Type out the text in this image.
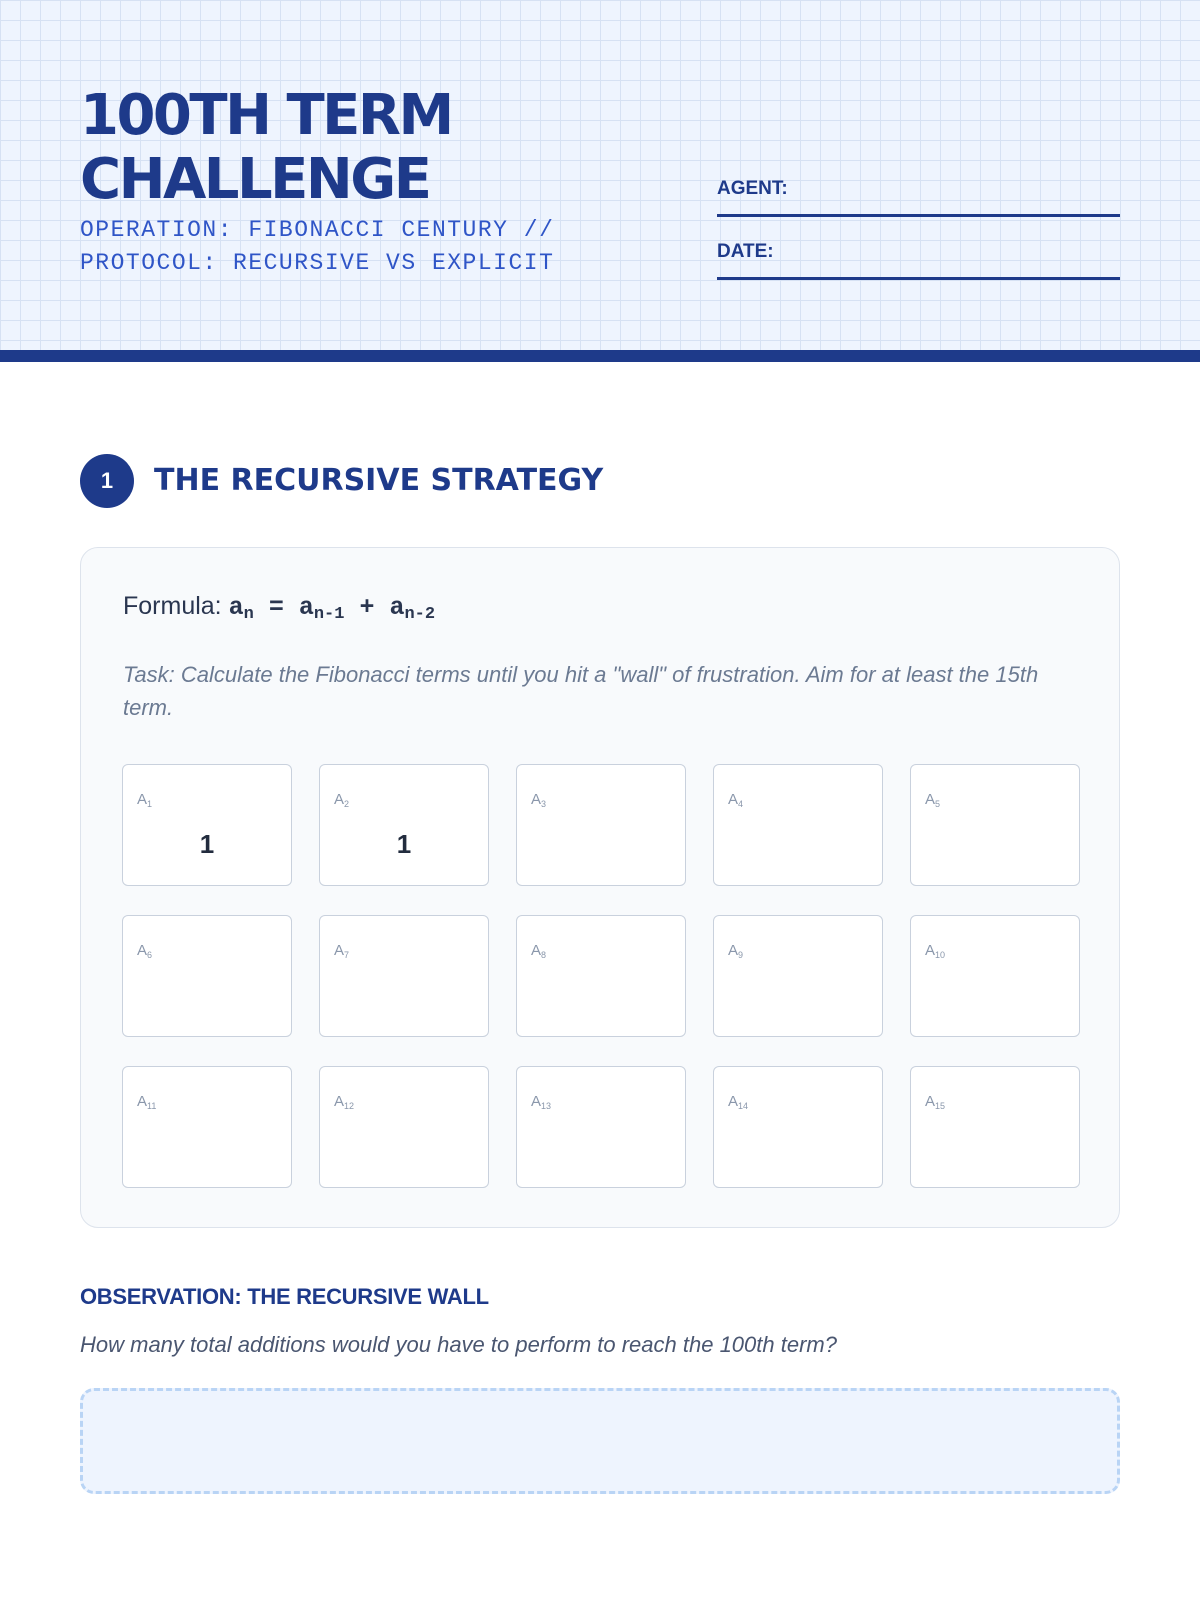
100TH TERM
CHALLENGE
OPERATION: FIBONACCI CENTURY //
PROTOCOL: RECURSIVE VS EXPLICIT
AGENT:
DATE:
1	THE RECURSIVE STRATEGY
Formula: $a_n = a_{n-1} + a_{n-2}$

Task: Calculate the Fibonacci terms until you hit a "wall" of frustration. Aim for at least the 15th term.

$A_1$
1
$A_2$
1
$A_3$	$A_4$	$A_5$
$A_6$	$A_7$	$A_8$	$A_9$	$A_{10}$
$A_{11}$	$A_{12}$	$A_{13}$	$A_{14}$	$A_{15}$
OBSERVATION: THE RECURSIVE WALL
How many total additions would you have to perform to reach the 100th term?
